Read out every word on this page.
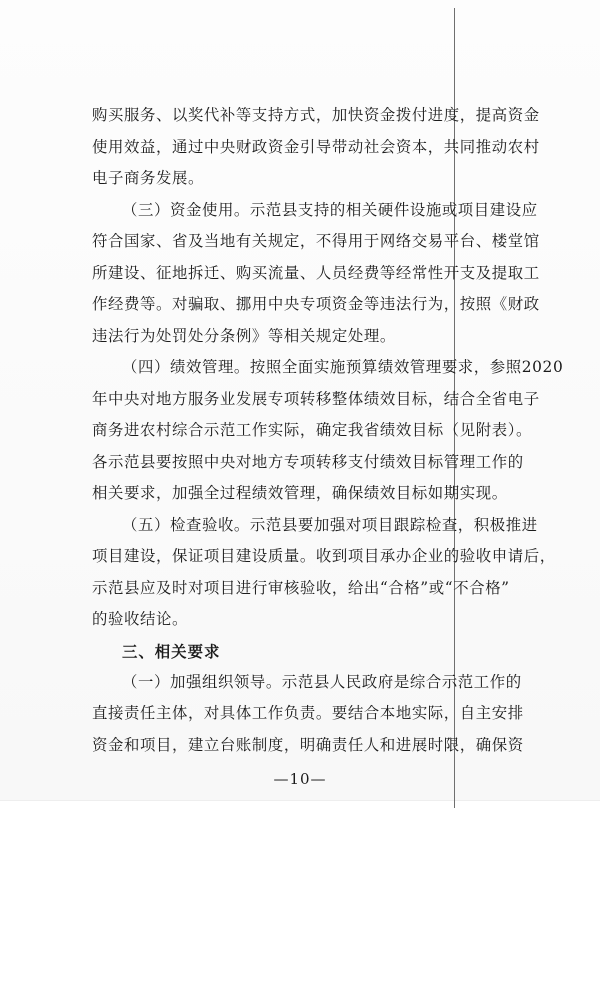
购买服务、以奖代补等支持方式，加快资金拨付进度，提高资金
使用效益，通过中央财政资金引导带动社会资本，共同推动农村
电子商务发展。
（三）资金使用。示范县支持的相关硬件设施或项目建设应
符合国家、省及当地有关规定，不得用于网络交易平台、楼堂馆
所建设、征地拆迁、购买流量、人员经费等经常性开支及提取工
作经费等。对骗取、挪用中央专项资金等违法行为，按照《财政
违法行为处罚处分条例》等相关规定处理。
（四）绩效管理。按照全面实施预算绩效管理要求，参照2020
年中央对地方服务业发展专项转移整体绩效目标，结合全省电子
商务进农村综合示范工作实际，确定我省绩效目标（见附表）。
各示范县要按照中央对地方专项转移支付绩效目标管理工作的
相关要求，加强全过程绩效管理，确保绩效目标如期实现。
（五）检查验收。示范县要加强对项目跟踪检查，积极推进
项目建设，保证项目建设质量。收到项目承办企业的验收申请后，
示范县应及时对项目进行审核验收，给出“合格”或“不合格”
的验收结论。
三、相关要求
（一）加强组织领导。示范县人民政府是综合示范工作的
直接责任主体，对具体工作负责。要结合本地实际，自主安排
资金和项目，建立台账制度，明确责任人和进展时限，确保资
—10—
